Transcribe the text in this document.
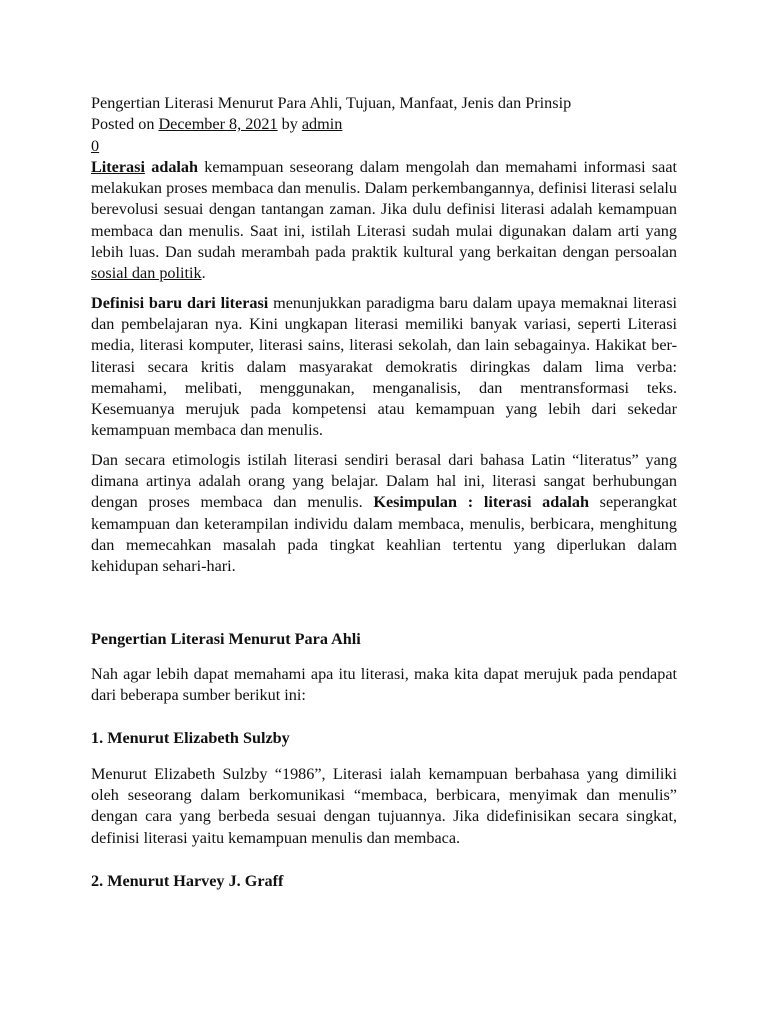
Pengertian Literasi Menurut Para Ahli, Tujuan, Manfaat, Jenis dan Prinsip

Posted on December 8, 2021 by admin

0

Literasi adalah kemampuan seseorang dalam mengolah dan memahami informasi saat melakukan proses membaca dan menulis. Dalam perkembangannya, definisi literasi selalu berevolusi sesuai dengan tantangan zaman. Jika dulu definisi literasi adalah kemampuan membaca dan menulis. Saat ini, istilah Literasi sudah mulai digunakan dalam arti yang lebih luas. Dan sudah merambah pada praktik kultural yang berkaitan dengan persoalan sosial dan politik.

Definisi baru dari literasi menunjukkan paradigma baru dalam upaya memaknai literasi dan pembelajaran nya. Kini ungkapan literasi memiliki banyak variasi, seperti Literasi media, literasi komputer, literasi sains, literasi sekolah, dan lain sebagainya. Hakikat ber-literasi secara kritis dalam masyarakat demokratis diringkas dalam lima verba: memahami, melibati, menggunakan, menganalisis, dan mentransformasi teks. Kesemuanya merujuk pada kompetensi atau kemampuan yang lebih dari sekedar kemampuan membaca dan menulis.

Dan secara etimologis istilah literasi sendiri berasal dari bahasa Latin “literatus” yang dimana artinya adalah orang yang belajar. Dalam hal ini, literasi sangat berhubungan dengan proses membaca dan menulis. Kesimpulan : literasi adalah seperangkat kemampuan dan keterampilan individu dalam membaca, menulis, berbicara, menghitung dan memecahkan masalah pada tingkat keahlian tertentu yang diperlukan dalam kehidupan sehari-hari.

Pengertian Literasi Menurut Para Ahli

Nah agar lebih dapat memahami apa itu literasi, maka kita dapat merujuk pada pendapat dari beberapa sumber berikut ini:

1. Menurut Elizabeth Sulzby

Menurut Elizabeth Sulzby “1986”, Literasi ialah kemampuan berbahasa yang dimiliki oleh seseorang dalam berkomunikasi “membaca, berbicara, menyimak dan menulis” dengan cara yang berbeda sesuai dengan tujuannya. Jika didefinisikan secara singkat, definisi literasi yaitu kemampuan menulis dan membaca.

2. Menurut Harvey J. Graff
